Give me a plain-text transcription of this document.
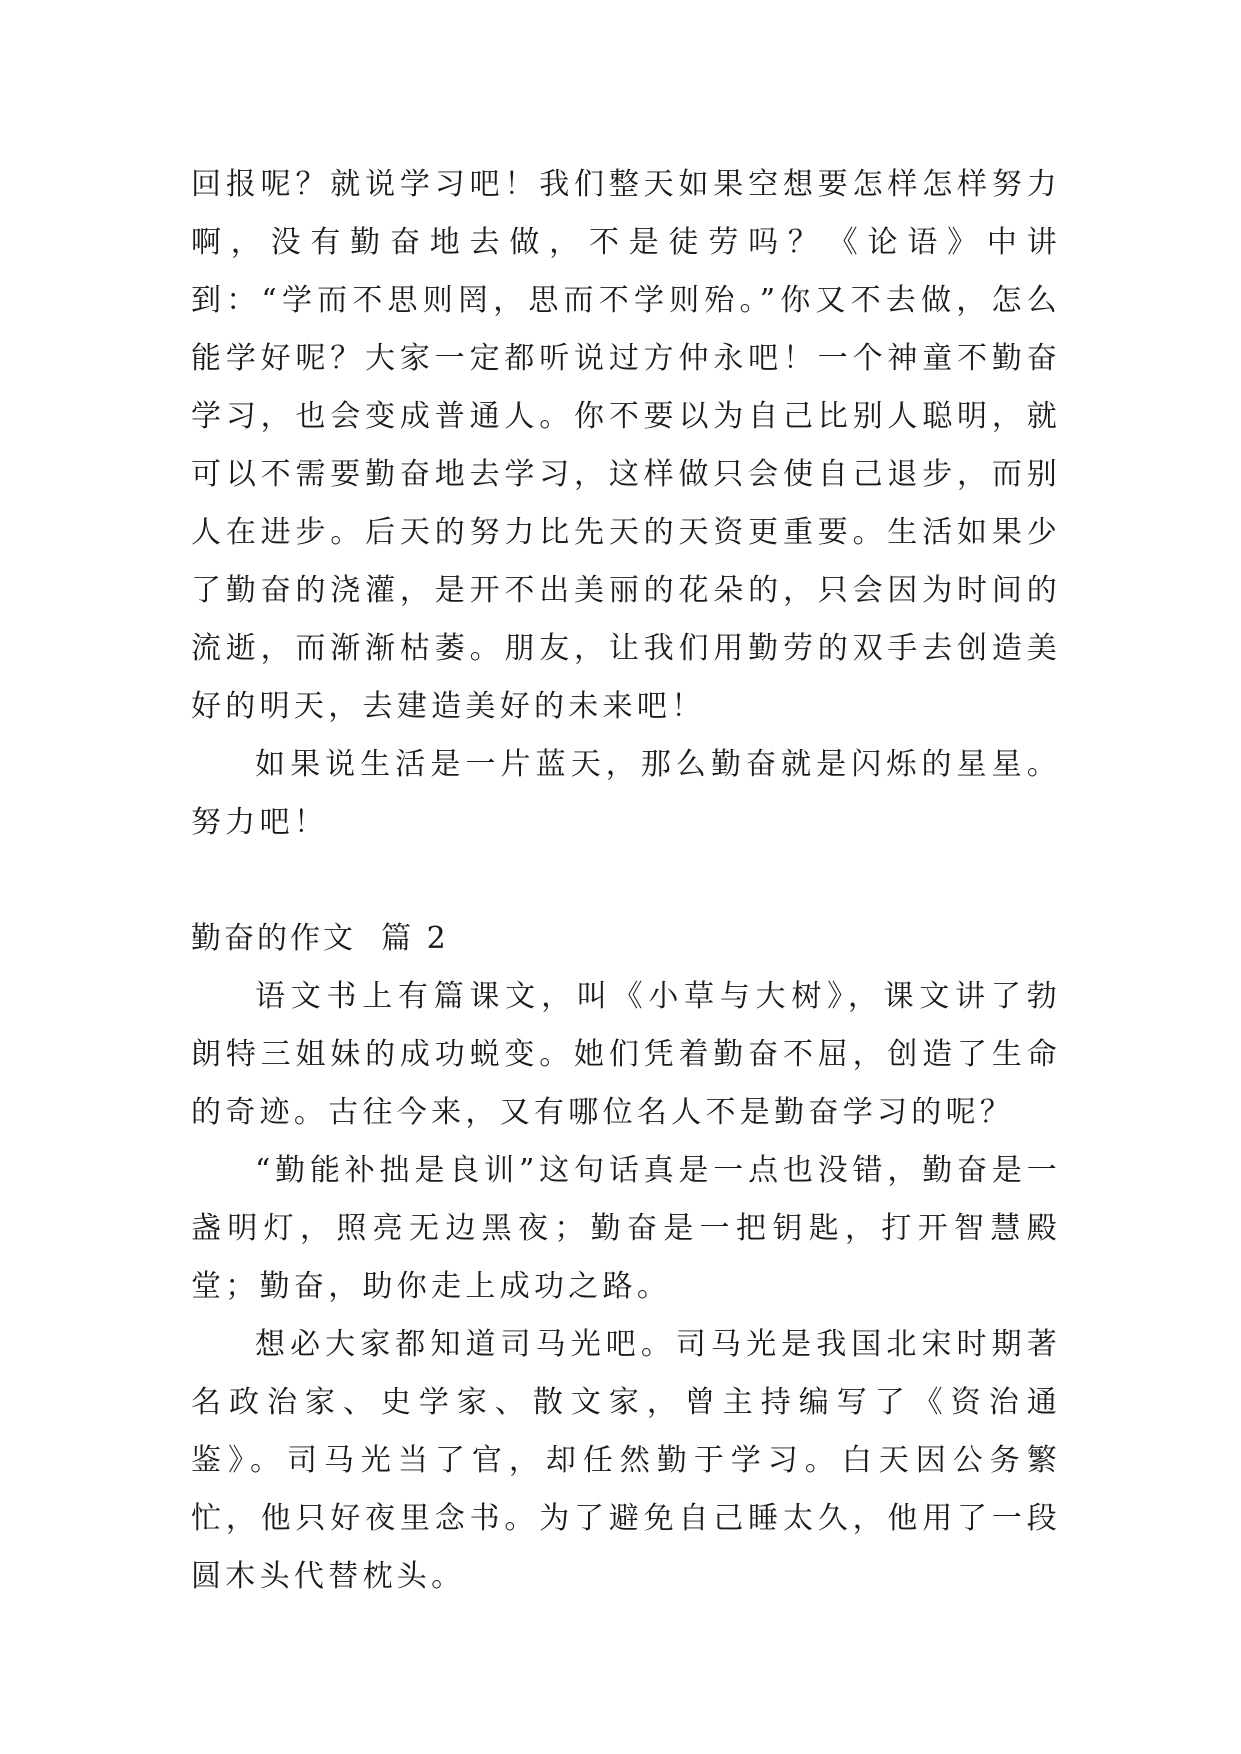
回报呢？就说学习吧！我们整天如果空想要怎样怎样努力啊，没有勤奋地去做，不是徒劳吗？《论语》中讲到：“学而不思则罔，思而不学则殆。”你又不去做，怎么能学好呢？大家一定都听说过方仲永吧！一个神童不勤奋学习，也会变成普通人。你不要以为自己比别人聪明，就可以不需要勤奋地去学习，这样做只会使自己退步，而别人在进步。后天的努力比先天的天资更重要。生活如果少了勤奋的浇灌，是开不出美丽的花朵的，只会因为时间的流逝，而渐渐枯萎。朋友，让我们用勤劳的双手去创造美好的明天，去建造美好的未来吧！

如果说生活是一片蓝天，那么勤奋就是闪烁的星星。努力吧！

勤奋的作文  篇 2

语文书上有篇课文，叫《小草与大树》，课文讲了勃朗特三姐妹的成功蜕变。她们凭着勤奋不屈，创造了生命的奇迹。古往今来，又有哪位名人不是勤奋学习的呢？

“勤能补拙是良训”这句话真是一点也没错，勤奋是一盏明灯，照亮无边黑夜；勤奋是一把钥匙，打开智慧殿堂；勤奋，助你走上成功之路。

想必大家都知道司马光吧。司马光是我国北宋时期著名政治家、史学家、散文家，曾主持编写了《资治通鉴》。司马光当了官，却任然勤于学习。白天因公务繁忙，他只好夜里念书。为了避免自己睡太久，他用了一段圆木头代替枕头。
